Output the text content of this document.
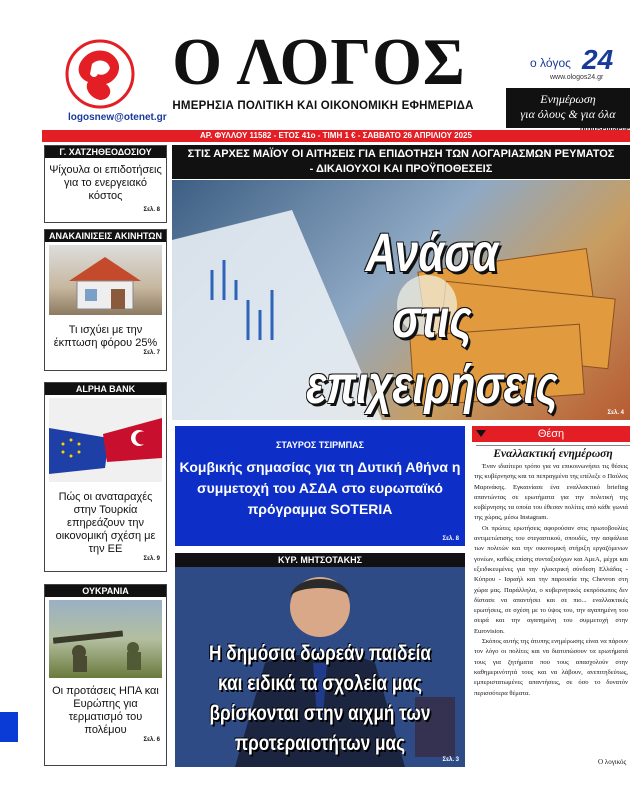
logosnew@otenet.gr
Ο ΛΟΓΟΣ
ΗΜΕΡΗΣΙΑ ΠΟΛΙΤΙΚΗ ΚΑΙ ΟΙΚΟΝΟΜΙΚΗ ΕΦΗΜΕΡΙΔΑ
ο λόγος 24
www.ologos24.gr
Ενημέρωση
για όλους & για όλα
ΑΡ. ΦΥΛΛΟΥ 11582 - ΕΤΟΣ 41ο - ΤΙΜΗ 1 € - ΣΑΒΒΑΤΟ 26 ΑΠΡΙΛΙΟΥ 2025
Γ. ΧΑΤΖΗΘΕΟΔΟΣΙΟΥ
Ψίχουλα οι επιδοτήσεις για το ενεργειακό κόστος
Σελ. 8
ΑΝΑΚΑΙΝΙΣΕΙΣ ΑΚΙΝΗΤΩΝ
Τι ισχύει με την έκπτωση φόρου 25%
Σελ. 7
ALPHA BANK
Πώς οι αναταραχές στην Τουρκία επηρεάζουν την οικονομική σχέση με την ΕΕ
Σελ. 9
ΟΥΚΡΑΝΙΑ
Οι προτάσεις ΗΠΑ και Ευρώπης για τερματισμό του πολέμου
Σελ. 6
ΣΤΙΣ ΑΡΧΕΣ ΜΑΪΟΥ ΟΙ ΑΙΤΗΣΕΙΣ ΓΙΑ ΕΠΙΔΟΤΗΣΗ ΤΩΝ ΛΟΓΑΡΙΑΣΜΩΝ ΡΕΥΜΑΤΟΣ
- ΔΙΚΑΙΟΥΧΟΙ ΚΑΙ ΠΡΟΫΠΟΘΕΣΕΙΣ
Ανάσα
στις επιχειρήσεις	Σελ. 4
ΣΤΑΥΡΟΣ ΤΣΙΡΜΠΑΣ
Κομβικής σημασίας για τη Δυτική Αθήνα η συμμετοχή του ΑΣΔΑ στο ευρωπαϊκό πρόγραμμα SOTERIA
Σελ. 8
ΚΥΡ. ΜΗΤΣΟΤΑΚΗΣ
Η δημόσια δωρεάν παιδεία και ειδικά τα σχολεία μας βρίσκονται στην αιχμή των προτεραιοτήτων μας
Σελ. 3
Θέση
Εναλλακτική ενημέρωση

Έναν ιδιαίτερο τρόπο για να επικοινωνήσει τις θέσεις της κυβέρνησης και τα πεπραγμένα της επέλεξε ο Παύλος Μαρινάκης. Εγκαινίασε ένα εναλλακτικό briefing απαντώντας σε ερωτήματα για την πολιτική της κυβέρνησης τα οποία του έθεσαν πολίτες από κάθε γωνιά της χώρας, μέσω Instagram.

Οι πρώτες ερωτήσεις αφορούσαν στις πρωτοβουλίες αντιμετώπισης του στεγαστικού, σπουδές, την ασφάλεια των πολιτών και την οικονομική στήριξη εργαζόμενων γονέων, καθώς επίσης συνταξιούχων και ΑμεΑ, μέχρι και εξειδικευμένες για την ηλεκτρική σύνδεση Ελλάδας - Κύπρου - Ισραήλ και την παρουσία της Chevron στη χώρα μας. Παράλληλα, ο κυβερνητικός εκπρόσωπος δεν δίστασε να απαντήσει και σε πιο... εναλλακτικές ερωτήσεις, σε σχέση με το ύψος του, την αγαπημένη του σειρά και την αγαπημένη του συμμετοχή στην Eurovision.

Σκόπος αυτής της άτυπης ενημέρωσης είναι να πάρουν τον λόγο οι πολίτες και να διατυπώσουν τα ερωτήματά τους για ζητήματα που τους απασχολούν στην καθημερινότητά τους και να λάβουν, ανεπιτηδεύτως, εμπεριστατωμένες απαντήσεις, σε όσο το δυνατόν περισσότερα θέματα.

Ο λογικός
